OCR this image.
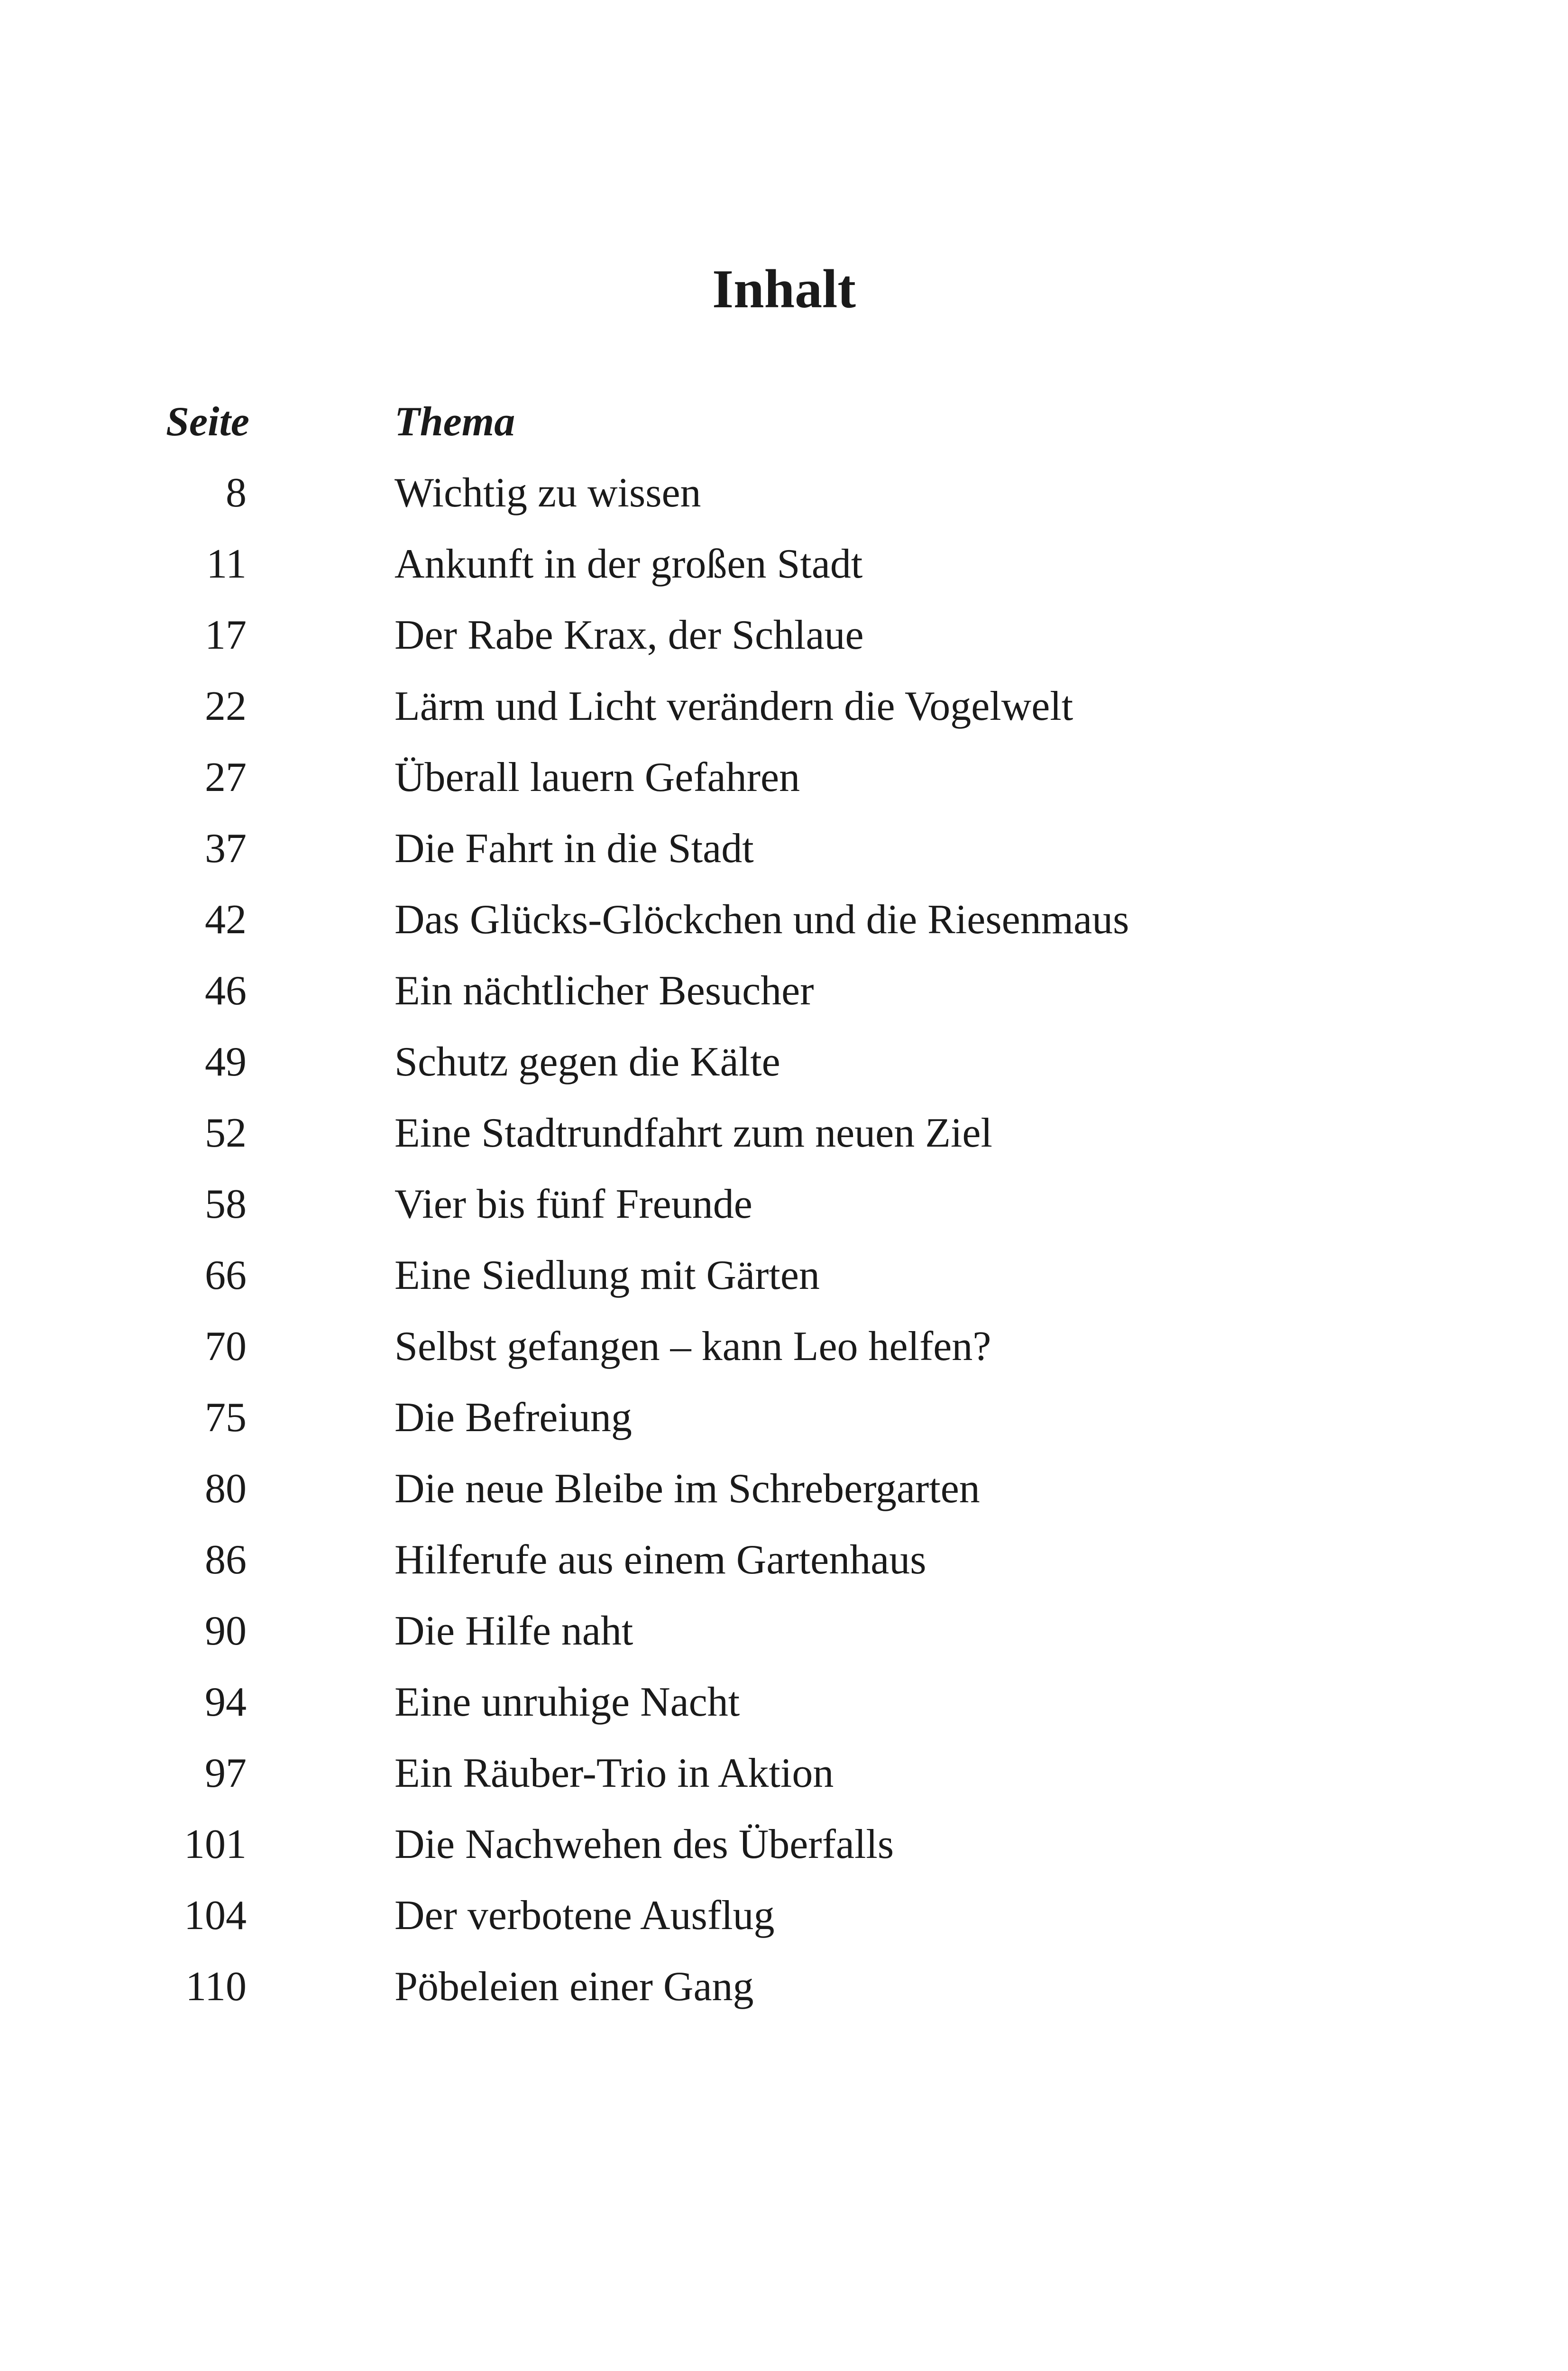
Inhalt
Seite	Thema
8	Wichtig zu wissen
11	Ankunft in der großen Stadt
17	Der Rabe Krax, der Schlaue
22	Lärm und Licht verändern die Vogelwelt
27	Überall lauern Gefahren
37	Die Fahrt in die Stadt
42	Das Glücks-Glöckchen und die Riesenmaus
46	Ein nächtlicher Besucher
49	Schutz gegen die Kälte
52	Eine Stadtrundfahrt zum neuen Ziel
58	Vier bis fünf Freunde
66	Eine Siedlung mit Gärten
70	Selbst gefangen – kann Leo helfen?
75	Die Befreiung
80	Die neue Bleibe im Schrebergarten
86	Hilferufe aus einem Gartenhaus
90	Die Hilfe naht
94	Eine unruhige Nacht
97	Ein Räuber-Trio in Aktion
101	Die Nachwehen des Überfalls
104	Der verbotene Ausflug
110	Pöbeleien einer Gang
